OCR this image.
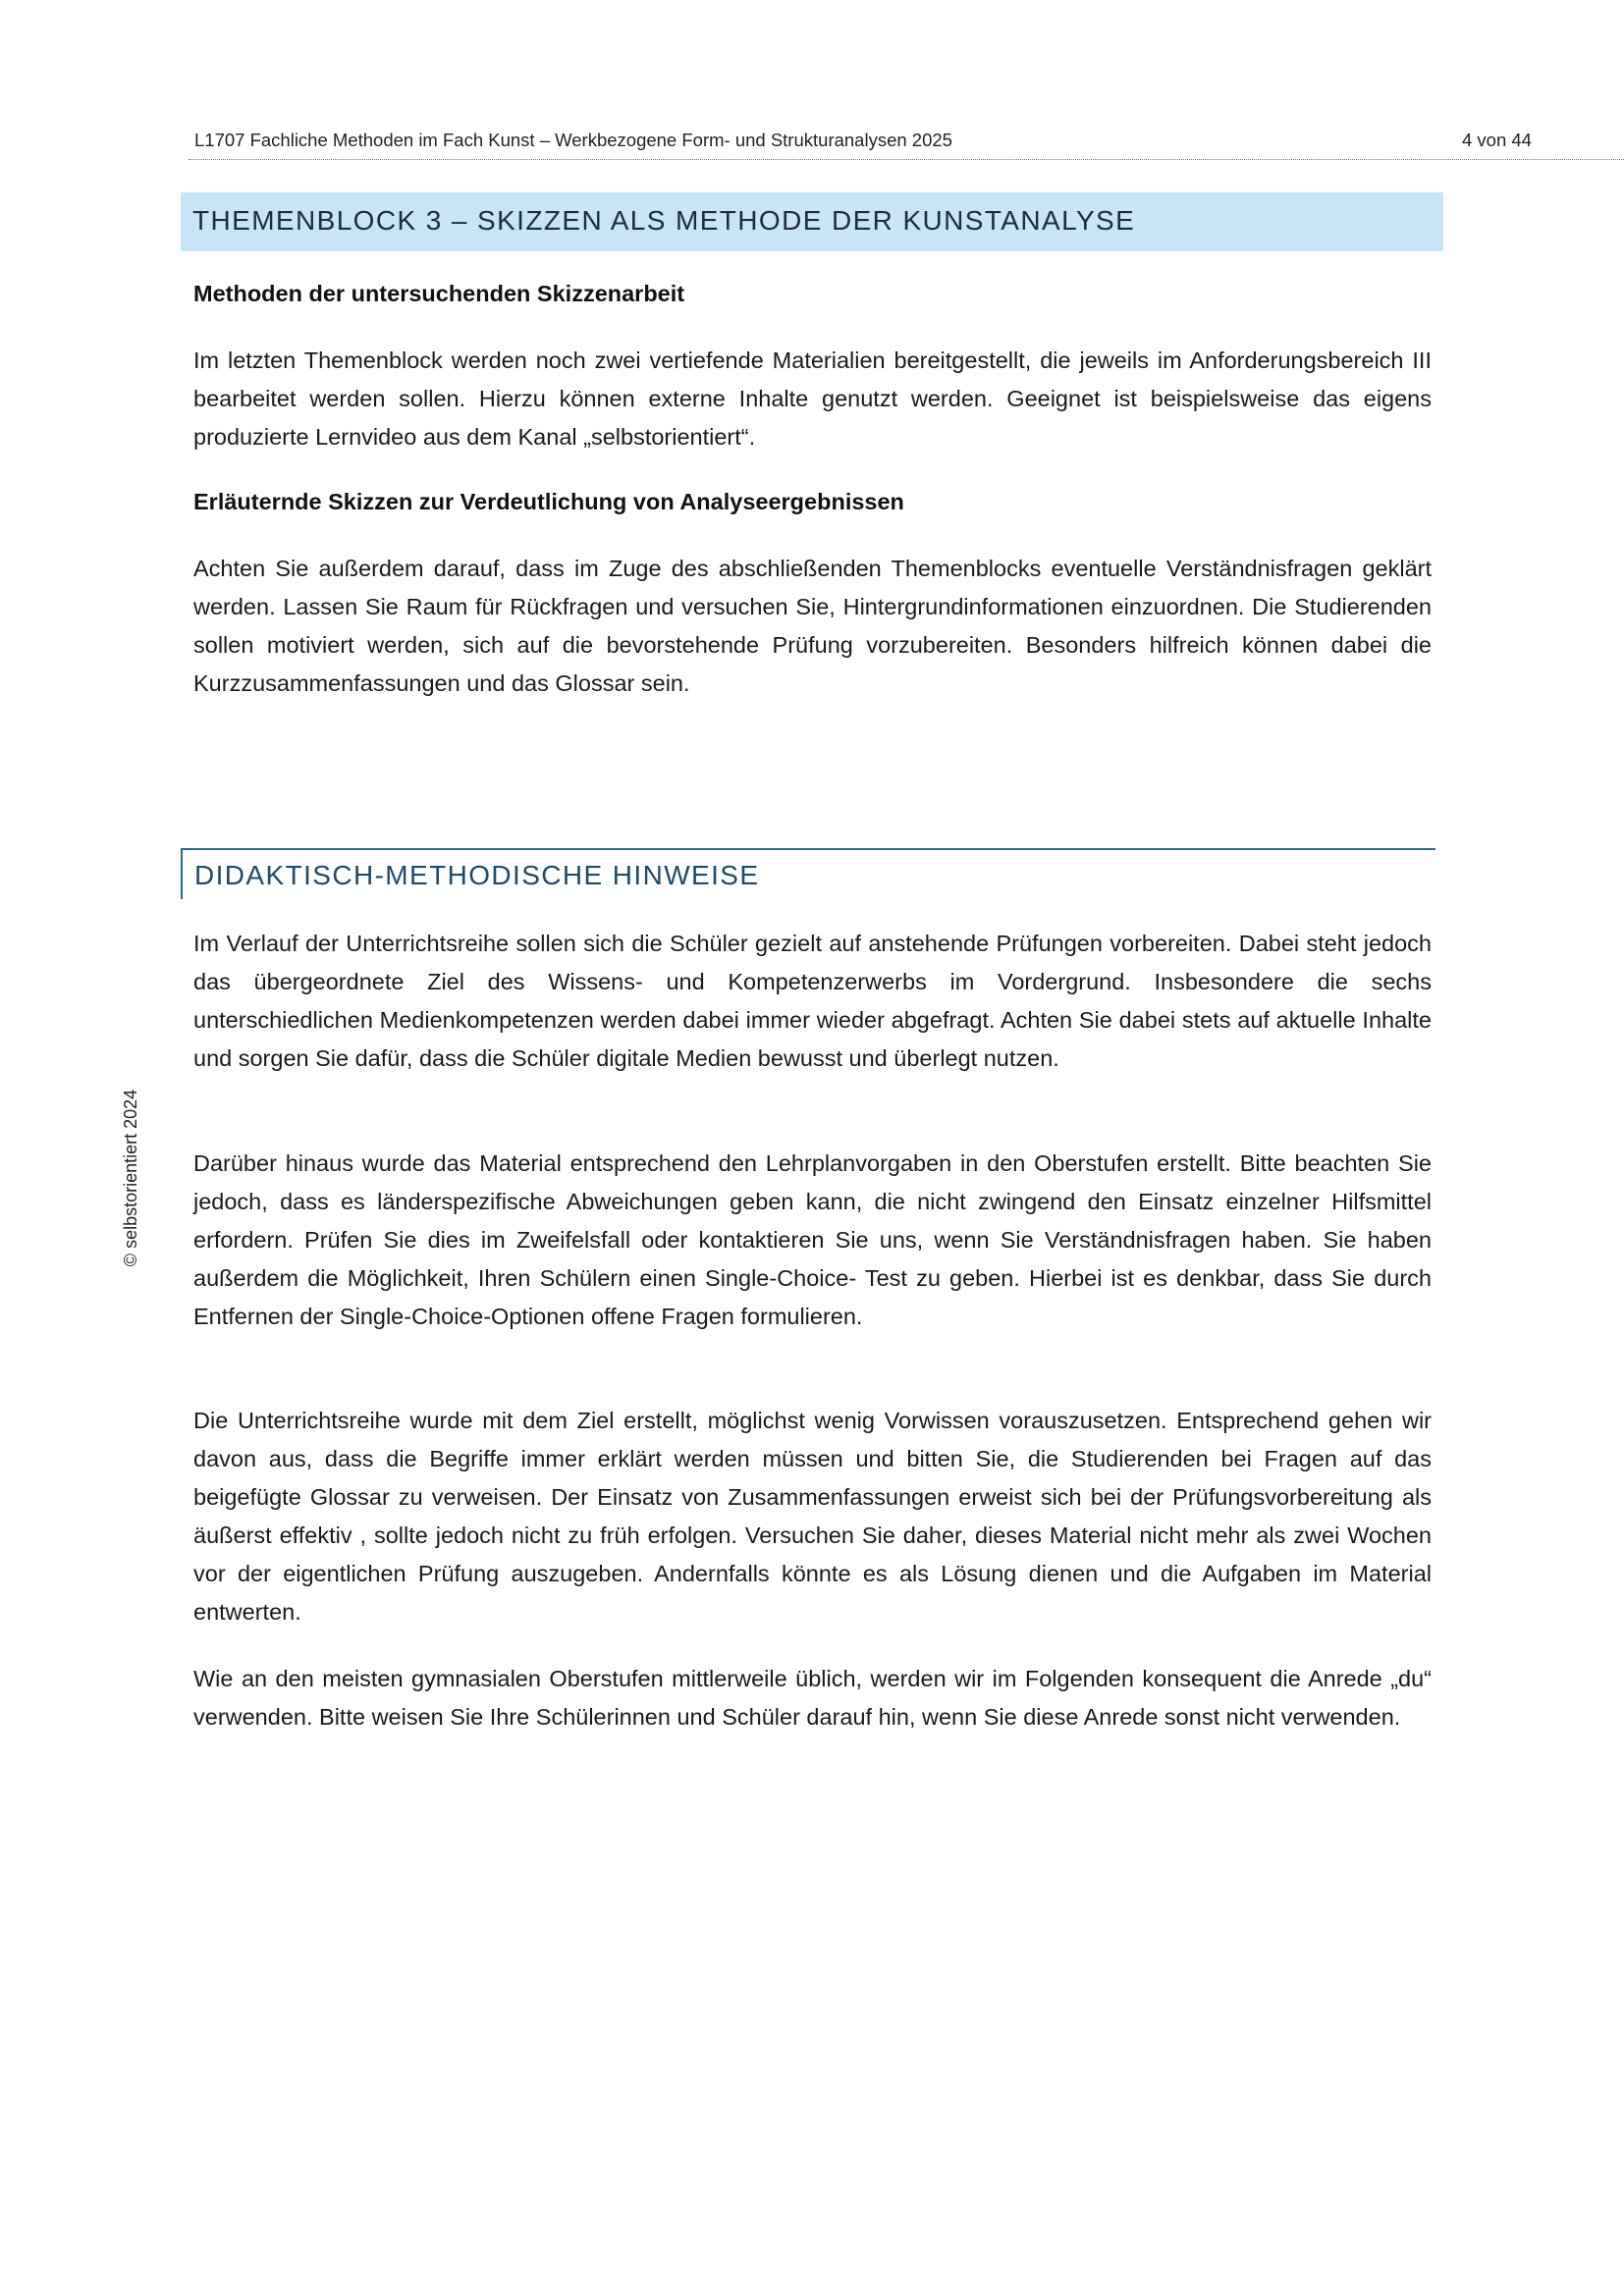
L1707 Fachliche Methoden im Fach Kunst – Werkbezogene Form- und Strukturanalysen 2025	4 von 44
© selbstorientiert 2024
THEMENBLOCK 3 – SKIZZEN ALS METHODE DER KUNSTANALYSE
Methoden der untersuchenden Skizzenarbeit
Im letzten Themenblock werden noch zwei vertiefende Materialien bereitgestellt, die jeweils im Anforderungsbereich III bearbeitet werden sollen. Hierzu können externe Inhalte genutzt werden. Geeignet ist beispielsweise das eigens produzierte Lernvideo aus dem Kanal „selbstorientiert“.
Erläuternde Skizzen zur Verdeutlichung von Analyseergebnissen
Achten Sie außerdem darauf, dass im Zuge des abschließenden Themenblocks eventuelle Verständnisfragen geklärt werden. Lassen Sie Raum für Rückfragen und versuchen Sie, Hintergrundinformationen einzuordnen. Die Studierenden sollen motiviert werden, sich auf die bevorstehende Prüfung vorzubereiten. Besonders hilfreich können dabei die Kurzzusammenfassungen und das Glossar sein.
DIDAKTISCH-METHODISCHE HINWEISE
Im Verlauf der Unterrichtsreihe sollen sich die Schüler gezielt auf anstehende Prüfungen vorbereiten. Dabei steht jedoch das übergeordnete Ziel des Wissens- und Kompetenzerwerbs im Vordergrund. Insbesondere die sechs unterschiedlichen Medienkompetenzen werden dabei immer wieder abgefragt. Achten Sie dabei stets auf aktuelle Inhalte und sorgen Sie dafür, dass die Schüler digitale Medien bewusst und überlegt nutzen.
Darüber hinaus wurde das Material entsprechend den Lehrplanvorgaben in den Oberstufen erstellt. Bitte beachten Sie jedoch, dass es länderspezifische Abweichungen geben kann, die nicht zwingend den Einsatz einzelner Hilfsmittel erfordern. Prüfen Sie dies im Zweifelsfall oder kontaktieren Sie uns, wenn Sie Verständnisfragen haben. Sie haben außerdem die Möglichkeit, Ihren Schülern einen Single-Choice- Test zu geben. Hierbei ist es denkbar, dass Sie durch Entfernen der Single-Choice-Optionen offene Fragen formulieren.
Die Unterrichtsreihe wurde mit dem Ziel erstellt, möglichst wenig Vorwissen vorauszusetzen. Entsprechend gehen wir davon aus, dass die Begriffe immer erklärt werden müssen und bitten Sie, die Studierenden bei Fragen auf das beigefügte Glossar zu verweisen. Der Einsatz von Zusammenfassungen erweist sich bei der Prüfungsvorbereitung als äußerst effektiv , sollte jedoch nicht zu früh erfolgen. Versuchen Sie daher, dieses Material nicht mehr als zwei Wochen vor der eigentlichen Prüfung auszugeben. Andernfalls könnte es als Lösung dienen und die Aufgaben im Material entwerten.
Wie an den meisten gymnasialen Oberstufen mittlerweile üblich, werden wir im Folgenden konsequent die Anrede „du“ verwenden. Bitte weisen Sie Ihre Schülerinnen und Schüler darauf hin, wenn Sie diese Anrede sonst nicht verwenden.
